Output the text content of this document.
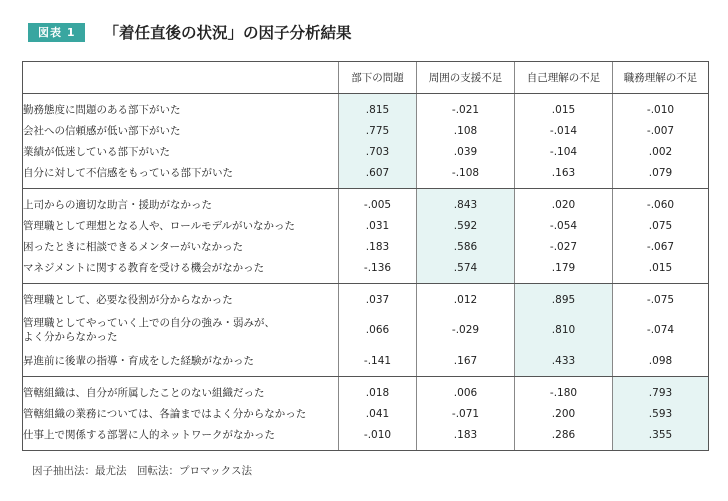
図表 1	「着任直後の状況」の因子分析結果
	部下の問題	周囲の支援不足	自己理解の不足	職務理解の不足
勤務態度に問題のある部下がいた	.815	-.021	.015	-.010
会社への信頼感が低い部下がいた	.775	.108	-.014	-.007
業績が低迷している部下がいた	.703	.039	-.104	.002
自分に対して不信感をもっている部下がいた	.607	-.108	.163	.079
上司からの適切な助言・援助がなかった	-.005	.843	.020	-.060
管理職として理想となる人や、ロールモデルがいなかった	.031	.592	-.054	.075
困ったときに相談できるメンターがいなかった	.183	.586	-.027	-.067
マネジメントに関する教育を受ける機会がなかった	-.136	.574	.179	.015
管理職として、必要な役割が分からなかった	.037	.012	.895	-.075
管理職としてやっていく上での自分の強み・弱みが、
よく分からなかった	.066	-.029	.810	-.074
昇進前に後輩の指導・育成をした経験がなかった	-.141	.167	.433	.098
管轄組織は、自分が所属したことのない組織だった	.018	.006	-.180	.793
管轄組織の業務については、各論まではよく分からなかった	.041	-.071	.200	.593
仕事上で関係する部署に人的ネットワークがなかった	-.010	.183	.286	.355
因子抽出法：最尤法　回転法：プロマックス法
